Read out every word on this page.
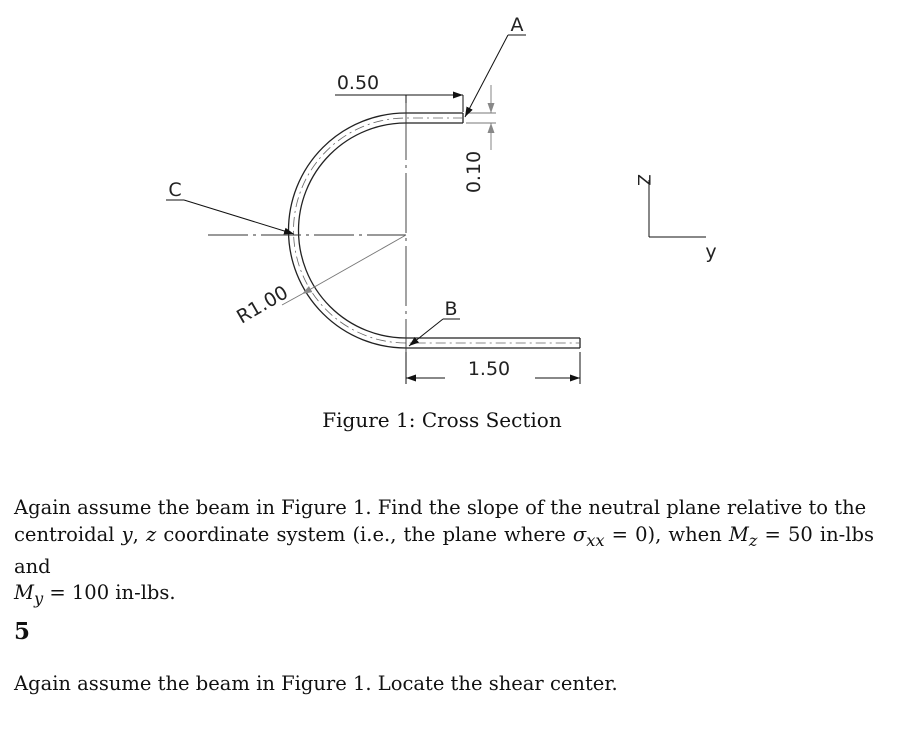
R1.00
0.50
0.10
1.50
A
C
B
Z
y
Figure 1: Cross Section
Again assume the beam in Figure 1. Find the slope of the neutral plane relative to the
centroidal y, z coordinate system (i.e., the plane where $\sigma_{xx} = 0$), when $M_z = 50$ in-lbs and
$M_y = 100$ in-lbs.
5
Again assume the beam in Figure 1. Locate the shear center.
